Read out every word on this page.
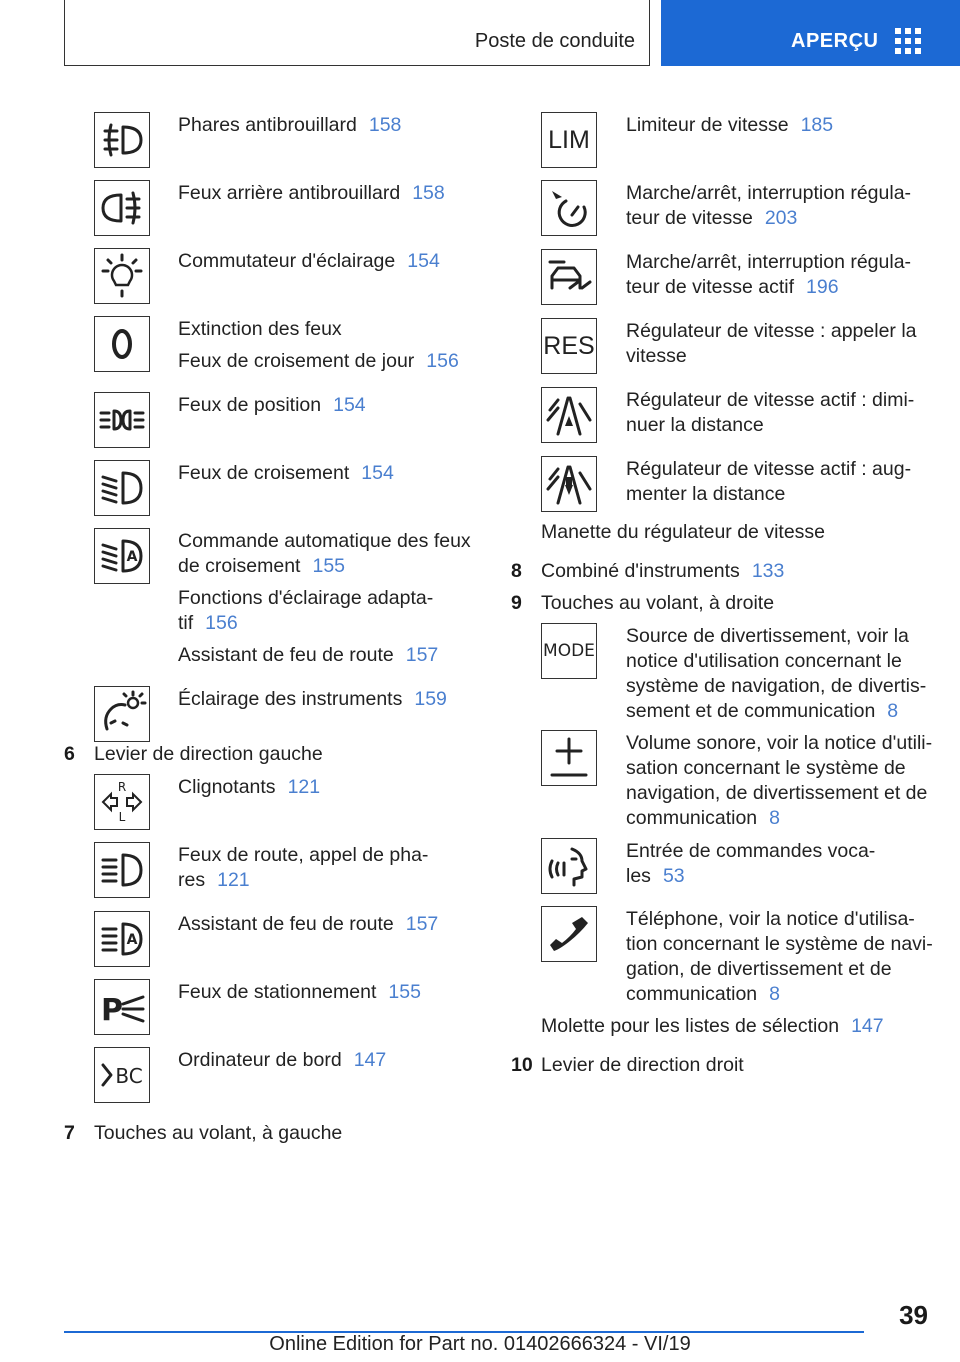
Poste de conduite	APERÇU
Phares antibrouillard 158
Feux arrière antibrouillard 158
Commutateur d'éclairage 154
Extinction des feux
Feux de croisement de jour 156
Feux de position 154
Feux de croisement 154
A
Commande automatique des feux
de croisement 155
Fonctions d'éclairage adapta-
tif 156
Assistant de feu de route 157
Éclairage des instruments 159
6 Levier de direction gauche
R
L
Clignotants 121
Feux de route, appel de pha-
res 121
A
Assistant de feu de route 157
P
Feux de stationnement 155
BC
Ordinateur de bord 147
7 Touches au volant, à gauche
LIM
Limiteur de vitesse 185
Marche/arrêt, interruption régula-
teur de vitesse 203
Marche/arrêt, interruption régula-
teur de vitesse actif 196
RES
Régulateur de vitesse : appeler la
vitesse
Régulateur de vitesse actif : dimi-
nuer la distance
Régulateur de vitesse actif : aug-
menter la distance
Manette du régulateur de vitesse
8 Combiné d'instruments 133
9 Touches au volant, à droite
MODE
Source de divertissement, voir la
notice d'utilisation concernant le
système de navigation, de divertis-
sement et de communication 8
Volume sonore, voir la notice d'utili-
sation concernant le système de
navigation, de divertissement et de
communication 8
Entrée de commandes voca-
les 53
Téléphone, voir la notice d'utilisa-
tion concernant le système de navi-
gation, de divertissement et de
communication 8
Molette pour les listes de sélection 147
10 Levier de direction droit
39
Online Edition for Part no. 01402666324 - VI/19
